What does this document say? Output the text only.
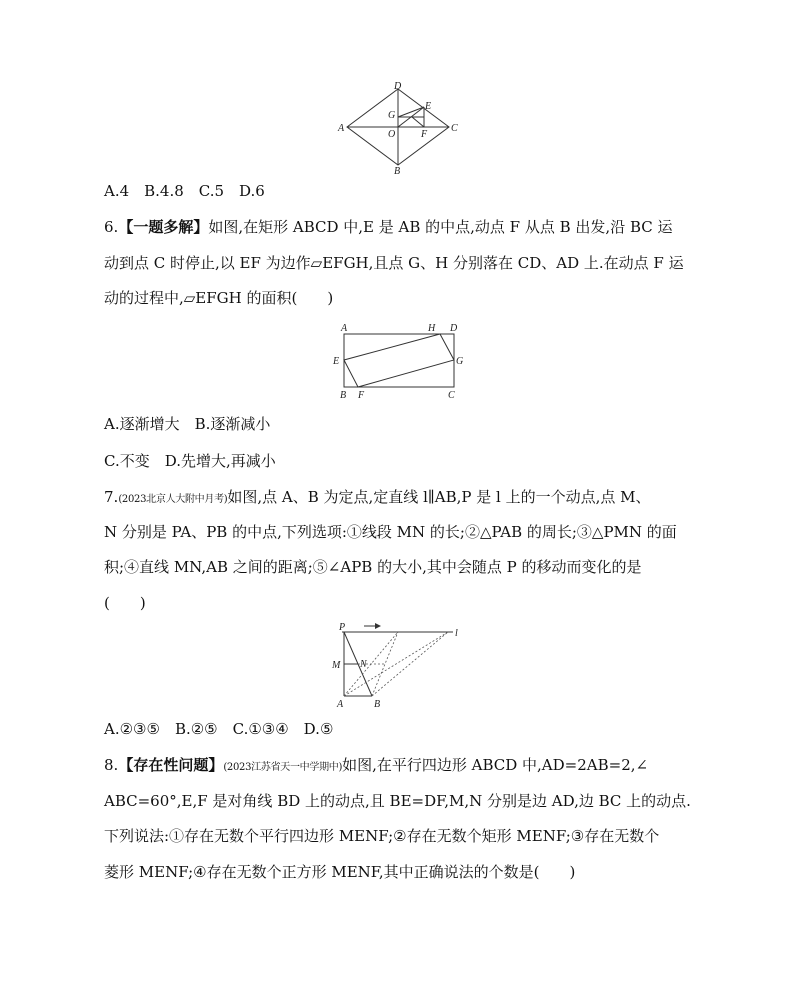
D
E
G
A
O	F
C
B
A.4　B.4.8　C.5　D.6
6.【一题多解】如图,在矩形 ABCD 中,E 是 AB 的中点,动点 F 从点 B 出发,沿 BC 运
动到点 C 时停止,以 EF 为边作▱EFGH,且点 G、H 分别落在 CD、AD 上.在动点 F 运
动的过程中,▱EFGH 的面积(　　)
A	H D
E	G
B F	C
A.逐渐增大　B.逐渐减小
C.不变　D.先增大,再减小
7.(2023北京人大附中月考)如图,点 A、B 为定点,定直线 l∥AB,P 是 l 上的一个动点,点 M、
N 分别是 PA、PB 的中点,下列选项:①线段 MN 的长;②△PAB 的周长;③△PMN 的面
积;④直线 MN,AB 之间的距离;⑤∠APB 的大小,其中会随点 P 的移动而变化的是
(　　)
P
l
M N
A	B
A.②③⑤　B.②⑤　C.①③④　D.⑤
8.【存在性问题】(2023江苏省天一中学期中)如图,在平行四边形 ABCD 中,AD=2AB=2,∠
ABC=60°,E,F 是对角线 BD 上的动点,且 BE=DF,M,N 分别是边 AD,边 BC 上的动点.
下列说法:①存在无数个平行四边形 MENF;②存在无数个矩形 MENF;③存在无数个
菱形 MENF;④存在无数个正方形 MENF,其中正确说法的个数是(　　)
